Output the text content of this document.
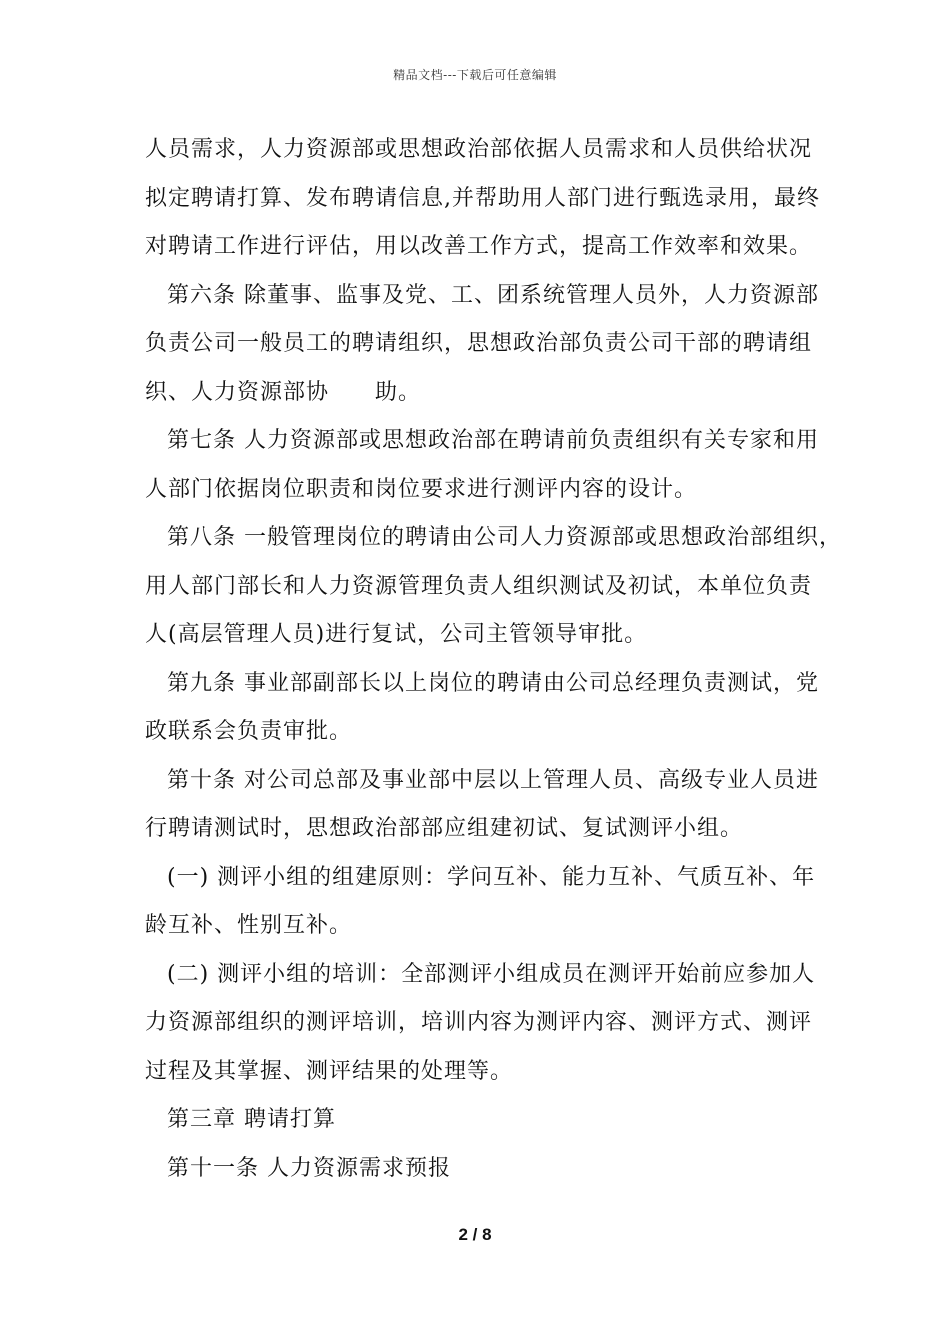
精品文档---下载后可任意编辑
人员需求，人力资源部或思想政治部依据人员需求和人员供给状况
拟定聘请打算、发布聘请信息,并帮助用人部门进行甄选录用，最终
对聘请工作进行评估，用以改善工作方式，提高工作效率和效果。
第六条 除董事、监事及党、工、团系统管理人员外，人力资源部
负责公司一般员工的聘请组织，思想政治部负责公司干部的聘请组
织、人力资源部协　　助。
第七条 人力资源部或思想政治部在聘请前负责组织有关专家和用
人部门依据岗位职责和岗位要求进行测评内容的设计。
第八条 一般管理岗位的聘请由公司人力资源部或思想政治部组织，
用人部门部长和人力资源管理负责人组织测试及初试，本单位负责
人(高层管理人员)进行复试，公司主管领导审批。
第九条 事业部副部长以上岗位的聘请由公司总经理负责测试，党
政联系会负责审批。
第十条 对公司总部及事业部中层以上管理人员、高级专业人员进
行聘请测试时，思想政治部部应组建初试、复试测评小组。
(一) 测评小组的组建原则：学问互补、能力互补、气质互补、年
龄互补、性别互补。
(二) 测评小组的培训：全部测评小组成员在测评开始前应参加人
力资源部组织的测评培训，培训内容为测评内容、测评方式、测评
过程及其掌握、测评结果的处理等。
第三章 聘请打算
第十一条 人力资源需求预报
2 / 8
